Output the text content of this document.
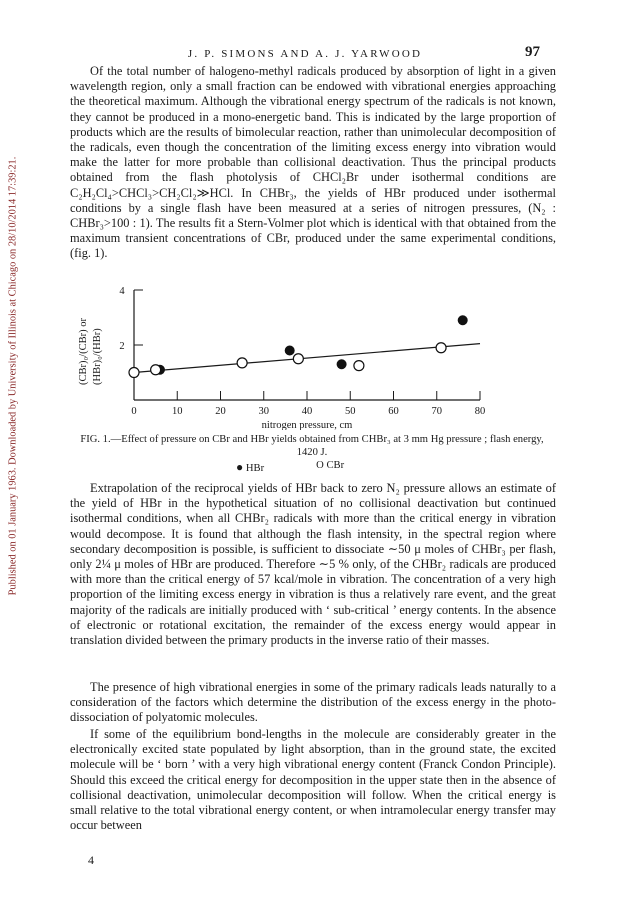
Published on 01 January 1963. Downloaded by University of Illinois at Chicago on 28/10/2014 17:39:21.
J. P. SIMONS AND A. J. YARWOOD	97

Of the total number of halogeno-methyl radicals produced by absorption of light in a given wavelength region, only a small fraction can be endowed with vibrational energies approaching the theoretical maximum. Although the vibrational energy spectrum of the radicals is not known, they cannot be produced in a mono-energetic band. This is indicated by the large proportion of products which are the results of bimolecular reaction, rather than unimolecular decomposition of the radicals, even though the concentration of the limiting excess energy into vibration would make the latter for more probable than collisional deactivation. Thus the principal products obtained from the flash photolysis of CHCl₂Br under isothermal conditions are C₂H₂Cl₄>CHCl₃>CH₂Cl₂≫HCl. In CHBr₃, the yields of HBr produced under isothermal conditions by a single flash have been measured at a series of nitrogen pressures, (N₂ : CHBr₃>100 : 1). The results fit a Stern-Volmer plot which is identical with that obtained from the maximum transient concentrations of CBr, produced under the same experimental conditions, (fig. 1).

0	10	20	30	40	50	60	70	80
2
4
(CBr)₀/(CBr) or (HBr)₀/(HBr)
nitrogen pressure, cm

FIG. 1.—Effect of pressure on CBr and HBr yields obtained from CHBr₃ at 3 mm Hg pressure ; flash energy, 1420 J.

● HBr	O CBr

Extrapolation of the reciprocal yields of HBr back to zero N₂ pressure allows an estimate of the yield of HBr in the hypothetical situation of no collisional deactivation but continued isothermal conditions, when all CHBr₂ radicals with more than the critical energy in vibration would decompose. It is found that although the flash intensity, in the spectral region where secondary decomposition is possible, is sufficient to dissociate ∼50 μ moles of CHBr₃ per flash, only 2¼ μ moles of HBr are produced. Therefore ∼5 % only, of the CHBr₂ radicals are produced with more than the critical energy of 57 kcal/mole in vibration. The concentration of a very high proportion of the limiting excess energy in vibration is thus a relatively rare event, and the great majority of the radicals are initially produced with ‘ sub-critical ’ energy contents. In the absence of electronic or rotational excitation, the remainder of the excess energy would appear in translation divided between the primary products in the inverse ratio of their masses.

The presence of high vibrational energies in some of the primary radicals leads naturally to a consideration of the factors which determine the distribution of the excess energy in the photo-dissociation of polyatomic molecules.

If some of the equilibrium bond-lengths in the molecule are considerably greater in the electronically excited state populated by light absorption, than in the ground state, the excited molecule will be ‘ born ’ with a very high vibrational energy content (Franck Condon Principle). Should this exceed the critical energy for decomposition in the upper state then in the absence of collisional deactivation, unimolecular decomposition will follow. When the critical energy is small relative to the total vibrational energy content, or when intramolecular energy transfer may occur between

4
